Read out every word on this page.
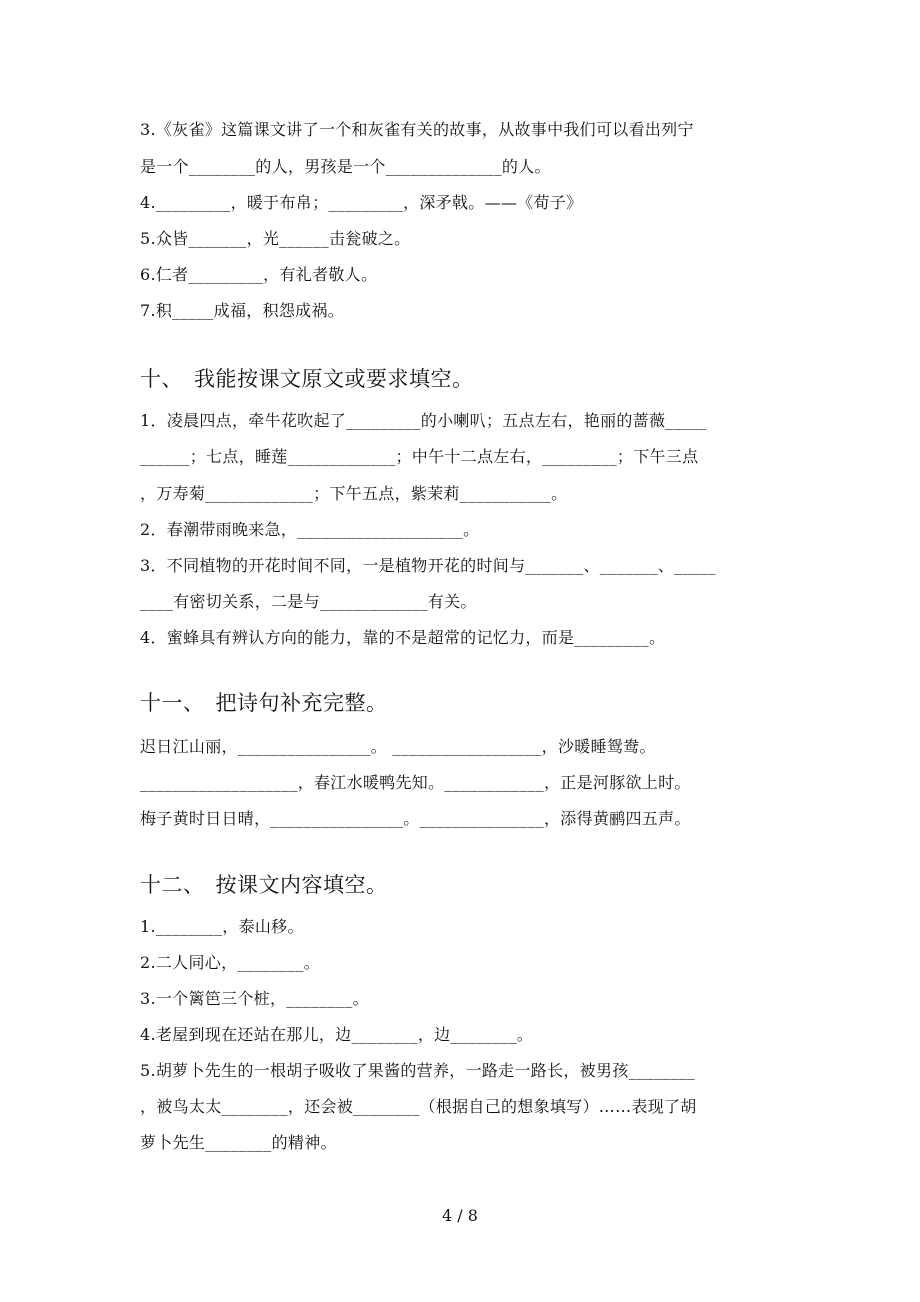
3.《灰雀》这篇课文讲了一个和灰雀有关的故事，从故事中我们可以看出列宁
是一个________的人，男孩是一个______________的人。
4._________，暖于布帛；_________，深矛戟。——《荀子》
5.众皆_______，光______击瓮破之。
6.仁者_________，有礼者敬人。
7.积_____成福，积怨成祸。
十、　我能按课文原文或要求填空。
1．凌晨四点，牵牛花吹起了_________的小喇叭；五点左右，艳丽的蔷薇_____
______；七点，睡莲_____________；中午十二点左右，_________；下午三点
，万寿菊_____________；下午五点，紫茉莉___________。
2．春潮带雨晚来急，____________________。
3．不同植物的开花时间不同，一是植物开花的时间与_______、_______、_____
____有密切关系，二是与_____________有关。
4．蜜蜂具有辨认方向的能力，靠的不是超常的记忆力，而是_________。
十一、　把诗句补充完整。
迟日江山丽，________________。 __________________，沙暖睡鸳鸯。
___________________，春江水暖鸭先知。____________，正是河豚欲上时。
梅子黄时日日晴，________________。_______________，添得黄鹂四五声。
十二、　按课文内容填空。
1.________，泰山移。
2.二人同心，________。
3.一个篱笆三个桩，________。
4.老屋到现在还站在那儿，边________，边________。
5.胡萝卜先生的一根胡子吸收了果酱的营养，一路走一路长，被男孩________
，被鸟太太________，还会被________（根据自己的想象填写）……表现了胡
萝卜先生________的精神。
4 / 8
